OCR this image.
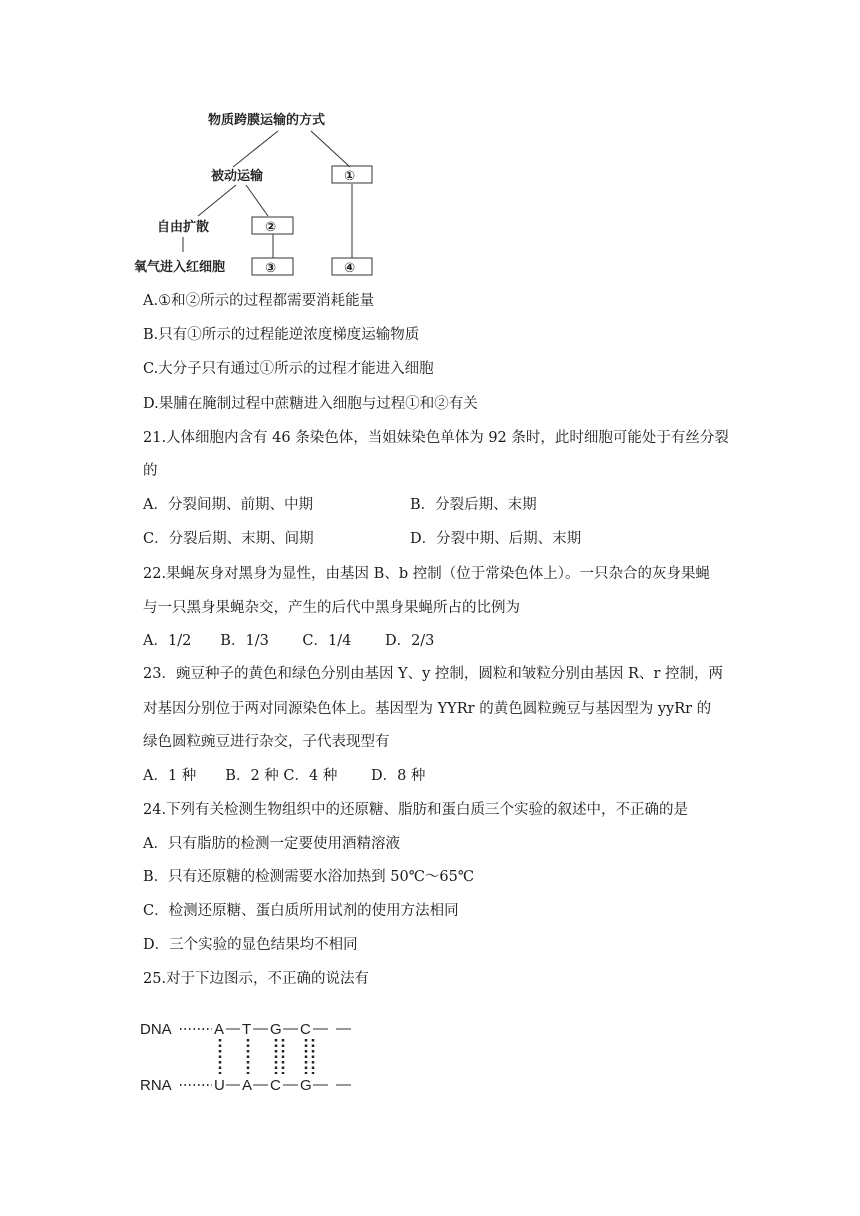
物质跨膜运输的方式
被动运输	①
自由扩散	②
氧气进入红细胞	③	④
A.①和②所示的过程都需要消耗能量
B.只有①所示的过程能逆浓度梯度运输物质
C.大分子只有通过①所示的过程才能进入细胞
D.果脯在腌制过程中蔗糖进入细胞与过程①和②有关
21.人体细胞内含有 46 条染色体，当姐妹染色单体为 92 条时，此时细胞可能处于有丝分裂
的
A．分裂间期、前期、中期	B．分裂后期、末期
C．分裂后期、末期、间期	D．分裂中期、后期、末期
22.果蝇灰身对黑身为显性，由基因 B、b 控制（位于常染色体上）。一只杂合的灰身果蝇
与一只黑身果蝇杂交，产生的后代中黑身果蝇所占的比例为
A．1/2　　B．1/3　　 C．1/4　　 D．2/3
23．豌豆种子的黄色和绿色分别由基因 Y、y 控制，圆粒和皱粒分别由基因 R、r 控制，两
对基因分别位于两对同源染色体上。基因型为 YYRr 的黄色圆粒豌豆与基因型为 yyRr 的
绿色圆粒豌豆进行杂交，子代表现型有
A．1 种　　B．2 种 C．4 种　　 D．8 种
24.下列有关检测生物组织中的还原糖、脂肪和蛋白质三个实验的叙述中，不正确的是
A．只有脂肪的检测一定要使用酒精溶液
B．只有还原糖的检测需要水浴加热到 50℃～65℃
C．检测还原糖、蛋白质所用试剂的使用方法相同
D．三个实验的显色结果均不相同
25.对于下边图示，不正确的说法有
DNA
RNA
A T G C
U A C G
